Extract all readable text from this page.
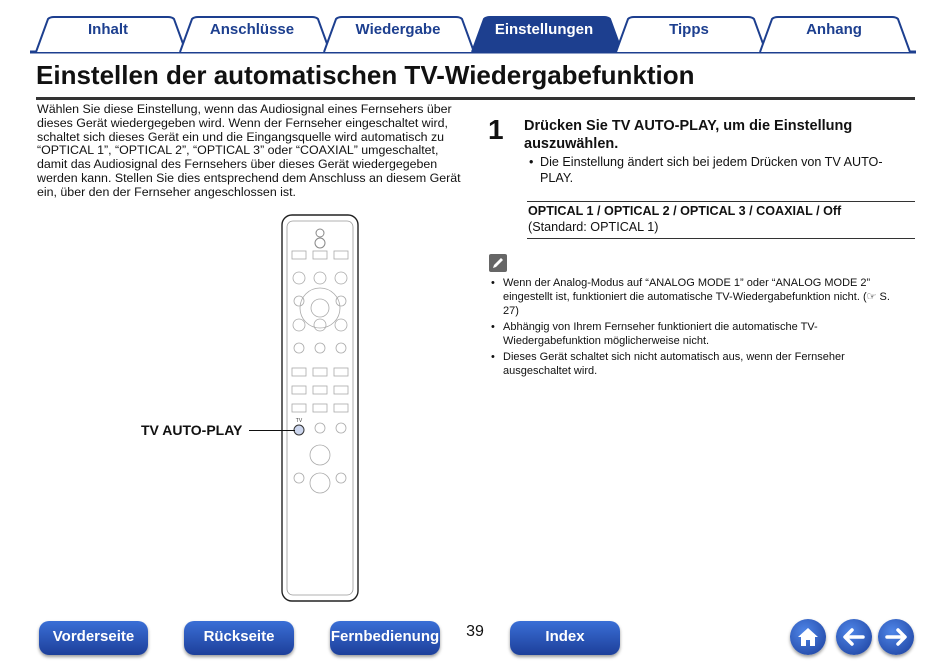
Inhalt	Anschlüsse	Wiedergabe	Einstellungen	Tipps	Anhang
Einstellen der automatischen TV-Wiedergabefunktion
Wählen Sie diese Einstellung, wenn das Audiosignal eines Fernsehers über dieses Gerät wiedergegeben wird. Wenn der Fernseher eingeschaltet wird, schaltet sich dieses Gerät ein und die Eingangsquelle wird automatisch zu “OPTICAL 1”, “OPTICAL 2”, “OPTICAL 3” oder “COAXIAL” umgeschaltet, damit das Audiosignal des Fernsehers über dieses Gerät wiedergegeben werden kann. Stellen Sie dies entsprechend dem Anschluss an diesem Gerät ein, über den der Fernseher angeschlossen ist.
1 Drücken Sie TV AUTO-PLAY, um die Einstellung auszuwählen.
• Die Einstellung ändert sich bei jedem Drücken von TV AUTO-PLAY.
OPTICAL 1 / OPTICAL 2 / OPTICAL 3 / COAXIAL / Off
(Standard: OPTICAL 1)
• Wenn der Analog-Modus auf “ANALOG MODE 1” oder “ANALOG MODE 2” eingestellt ist, funktioniert die automatische TV-Wiedergabefunktion nicht. (☞ S. 27)
• Abhängig von Ihrem Fernseher funktioniert die automatische TV-Wiedergabefunktion möglicherweise nicht.
• Dieses Gerät schaltet sich nicht automatisch aus, wenn der Fernseher ausgeschaltet wird.
TV
TV AUTO-PLAY
Vorderseite	Rückseite	Fernbedienung	39	Index
